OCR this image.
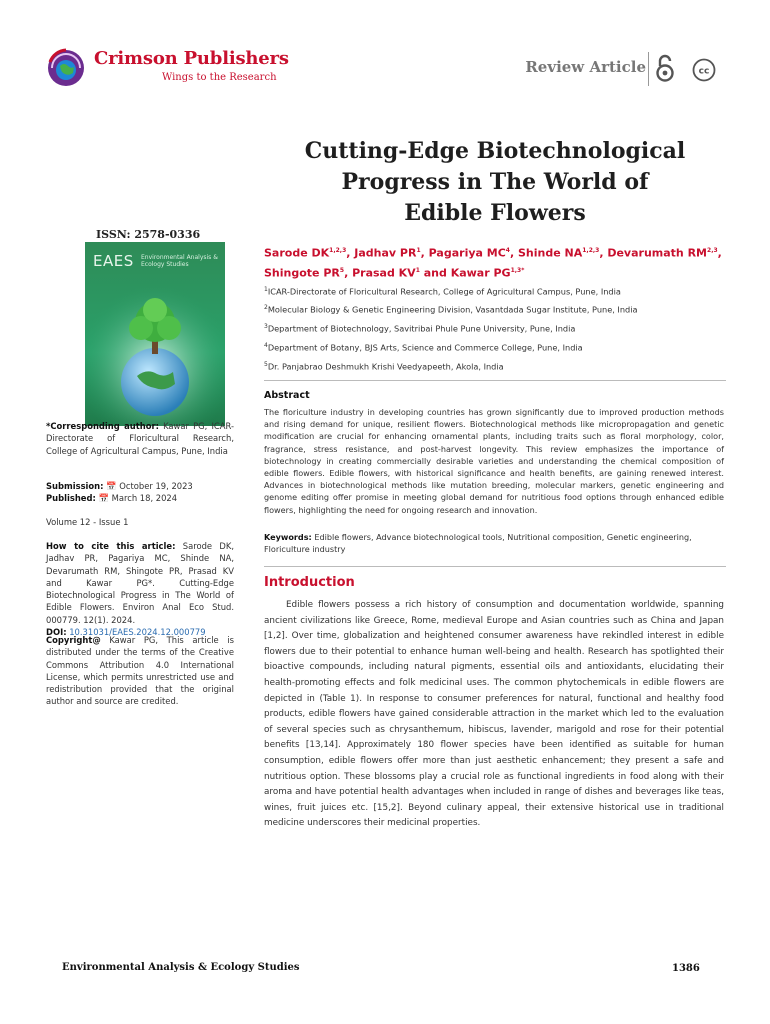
Crimson Publishers
Wings to the Research
Review Article	cc
Cutting-Edge Biotechnological Progress in The World of Edible Flowers
ISSN: 2578-0336
EAES Environmental Analysis & Ecology Studies
*Corresponding author: Kawar PG, ICAR-Directorate of Floricultural Research, College of Agricultural Campus, Pune, India
Submission: 📅 October 19, 2023
Published: 📅 March 18, 2024
Volume 12 - Issue 1
How to cite this article: Sarode DK, Jadhav PR, Pagariya MC, Shinde NA, Devarumath RM, Shingote PR, Prasad KV and Kawar PG*. Cutting-Edge Biotechnological Progress in The World of Edible Flowers. Environ Anal Eco Stud. 000779. 12(1). 2024.
DOI: 10.31031/EAES.2024.12.000779
Copyright@ Kawar PG, This article is distributed under the terms of the Creative Commons Attribution 4.0 International License, which permits unrestricted use and redistribution provided that the original author and source are credited.
Sarode DK$^{1,2,3}$, Jadhav $PR^1$, Pagariya $MC^4$, Shinde NA$^{1,2,3}$, Devarumath RM$^{2,3}$, Shingote $PR^5$, Prasad $KV^1$ and Kawar $PG^{1,3*}$
$^1$ICAR-Directorate of Floricultural Research, College of Agricultural Campus, Pune, India
$^2$Molecular Biology & Genetic Engineering Division, Vasantdada Sugar Institute, Pune, India
$^3$Department of Biotechnology, Savitribai Phule Pune University, Pune, India
$^4$Department of Botany, BJS Arts, Science and Commerce College, Pune, India
$^5$Dr. Panjabrao Deshmukh Krishi Veedyapeeth, Akola, India
Abstract
The floriculture industry in developing countries has grown significantly due to improved production methods and rising demand for unique, resilient flowers. Biotechnological methods like micropropagation and genetic modification are crucial for enhancing ornamental plants, including traits such as floral morphology, color, fragrance, stress resistance, and post-harvest longevity. This review emphasizes the importance of biotechnology in creating commercially desirable varieties and understanding the chemical composition of edible flowers. Edible flowers, with historical significance and health benefits, are gaining renewed interest. Advances in biotechnological methods like mutation breeding, molecular markers, genetic engineering and genome editing offer promise in meeting global demand for nutritious food options through enhanced edible flowers, highlighting the need for ongoing research and innovation.
Keywords: Edible flowers, Advance biotechnological tools, Nutritional composition, Genetic engineering, Floriculture industry
Introduction
Edible flowers possess a rich history of consumption and documentation worldwide, spanning ancient civilizations like Greece, Rome, medieval Europe and Asian countries such as China and Japan [1,2]. Over time, globalization and heightened consumer awareness have rekindled interest in edible flowers due to their potential to enhance human well-being and health. Research has spotlighted their bioactive compounds, including natural pigments, essential oils and antioxidants, elucidating their health-promoting effects and folk medicinal uses. The common phytochemicals in edible flowers are depicted in (Table 1). In response to consumer preferences for natural, functional and healthy food products, edible flowers have gained considerable attraction in the market which led to the evaluation of several species such as chrysanthemum, hibiscus, lavender, marigold and rose for their potential benefits [13,14]. Approximately 180 flower species have been identified as suitable for human consumption, edible flowers offer more than just aesthetic enhancement; they present a safe and nutritious option. These blossoms play a crucial role as functional ingredients in food along with their aroma and have potential health advantages when included in range of dishes and beverages like teas, wines, fruit juices etc. [15,2]. Beyond culinary appeal, their extensive historical use in traditional medicine underscores their medicinal properties.
Environmental Analysis & Ecology Studies	1386
